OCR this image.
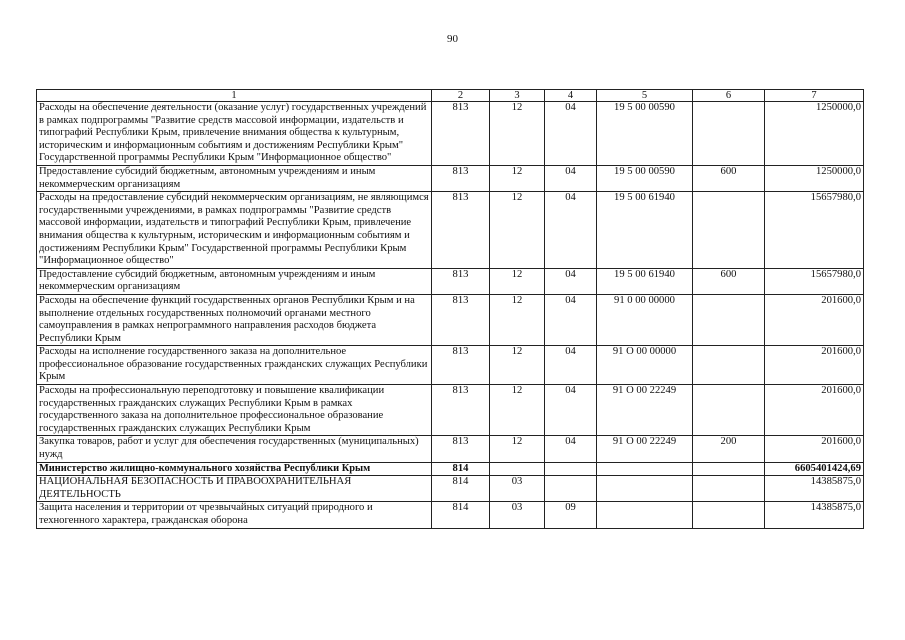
90
1	2	3	4	5	6	7
Расходы на обеспечение деятельности (оказание услуг) государственных учреждений в рамках подпрограммы "Развитие средств массовой информации, издательств и типографий Республики Крым, привлечение внимания общества к культурным, историческим и информационным событиям и достижениям Республики Крым" Государственной программы Республики Крым "Информационное общество"	813	12	04	19 5 00 00590		1250000,0
Предоставление субсидий бюджетным, автономным учреждениям и иным некоммерческим организациям	813	12	04	19 5 00 00590	600	1250000,0
Расходы на предоставление субсидий некоммерческим организациям, не являющимся государственными учреждениями, в рамках подпрограммы "Развитие средств массовой информации, издательств и типографий Республики Крым, привлечение внимания общества к культурным, историческим и информационным событиям и достижениям Республики Крым" Государственной программы Республики Крым "Информационное общество"	813	12	04	19 5 00 61940		15657980,0
Предоставление субсидий бюджетным, автономным учреждениям и иным некоммерческим организациям	813	12	04	19 5 00 61940	600	15657980,0
Расходы на обеспечение функций государственных органов Республики Крым и на выполнение отдельных государственных полномочий органами местного самоуправления в рамках непрограммного направления расходов бюджета Республики Крым	813	12	04	91 0 00 00000		201600,0
Расходы на исполнение государственного заказа на дополнительное профессиональное образование государственных гражданских служащих Республики Крым	813	12	04	91 О 00 00000		201600,0
Расходы на профессиональную переподготовку и повышение квалификации государственных гражданских служащих Республики Крым в рамках государственного заказа на дополнительное профессиональное образование государственных гражданских служащих Республики Крым	813	12	04	91 О 00 22249		201600,0
Закупка товаров, работ и услуг для обеспечения государственных (муниципальных) нужд	813	12	04	91 О 00 22249	200	201600,0
Министерство жилищно-коммунального хозяйства Республики Крым	814					6605401424,69
НАЦИОНАЛЬНАЯ БЕЗОПАСНОСТЬ И ПРАВООХРАНИТЕЛЬНАЯ ДЕЯТЕЛЬНОСТЬ	814	03				14385875,0
Защита населения и территории от чрезвычайных ситуаций природного и техногенного характера, гражданская оборона	814	03	09			14385875,0
